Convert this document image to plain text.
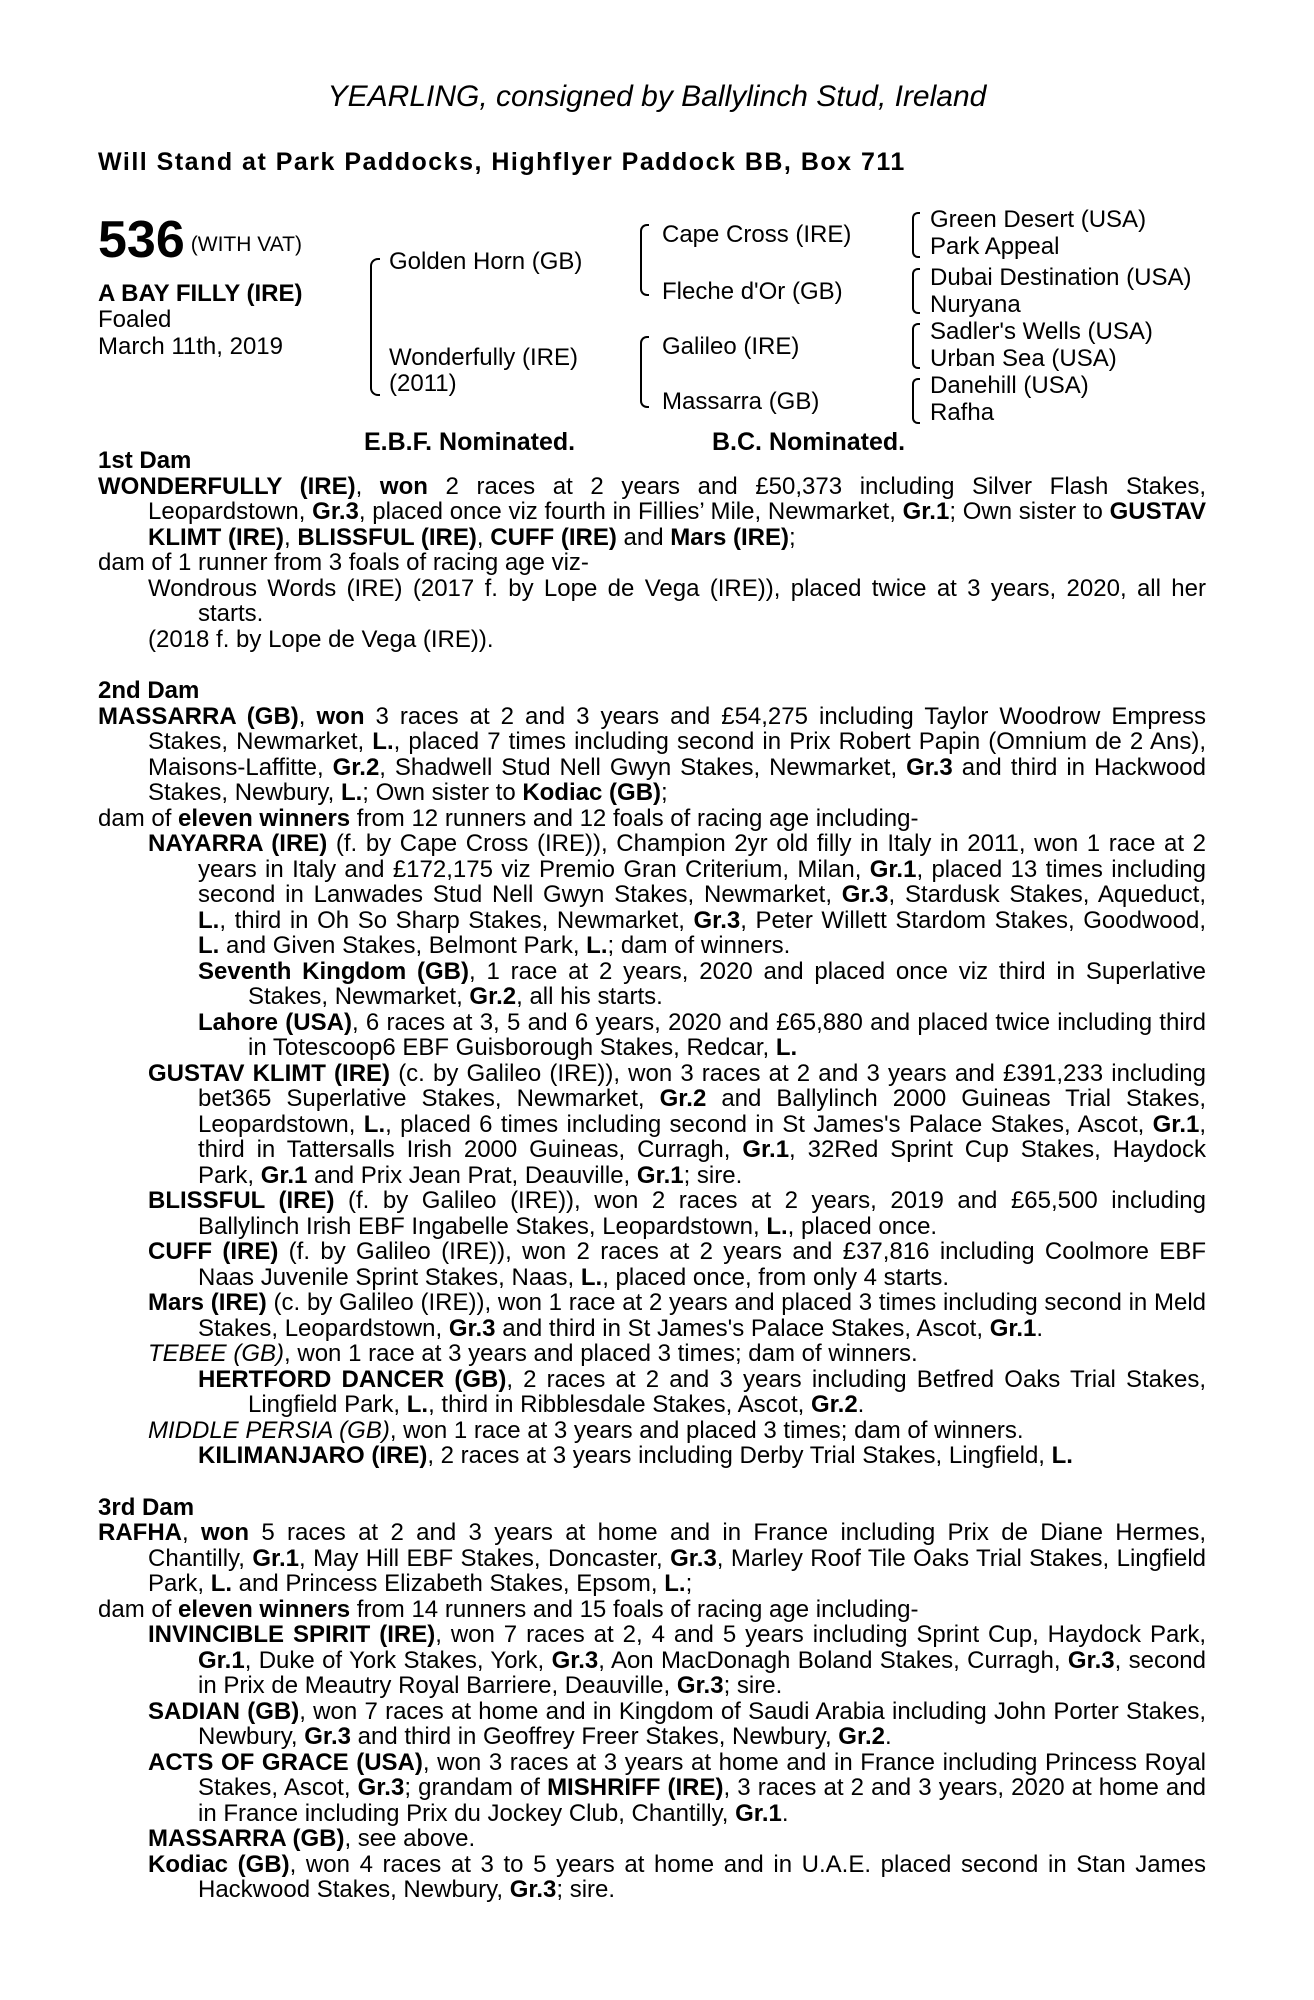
YEARLING, consigned by Ballylinch Stud, Ireland
Will Stand at Park Paddocks, Highflyer Paddock BB, Box 711
536 (WITH VAT)
A BAY FILLY (IRE)
Foaled
March 11th, 2019
Golden Horn (GB)
Wonderfully (IRE)
(2011)
Cape Cross (IRE)
Fleche d'Or (GB)
Galileo (IRE)
Massarra (GB)
Green Desert (USA)
Park Appeal
Dubai Destination (USA)
Nuryana
Sadler's Wells (USA)
Urban Sea (USA)
Danehill (USA)
Rafha
E.B.F. Nominated.	B.C. Nominated.

1st Dam

WONDERFULLY (IRE), won 2 races at 2 years and £50,373 including Silver Flash Stakes, Leopardstown, Gr.3, placed once viz fourth in Fillies’ Mile, Newmarket, Gr.1; Own sister to GUSTAV KLIMT (IRE), BLISSFUL (IRE), CUFF (IRE) and Mars (IRE);

dam of 1 runner from 3 foals of racing age viz-

Wondrous Words (IRE) (2017 f. by Lope de Vega (IRE)), placed twice at 3 years, 2020, all her starts.

(2018 f. by Lope de Vega (IRE)).

2nd Dam

MASSARRA (GB), won 3 races at 2 and 3 years and £54,275 including Taylor Woodrow Empress Stakes, Newmarket, L., placed 7 times including second in Prix Robert Papin (Omnium de 2 Ans), Maisons-Laffitte, Gr.2, Shadwell Stud Nell Gwyn Stakes, Newmarket, Gr.3 and third in Hackwood Stakes, Newbury, L.; Own sister to Kodiac (GB);

dam of eleven winners from 12 runners and 12 foals of racing age including-

NAYARRA (IRE) (f. by Cape Cross (IRE)), Champion 2yr old filly in Italy in 2011, won 1 race at 2 years in Italy and £172,175 viz Premio Gran Criterium, Milan, Gr.1, placed 13 times including second in Lanwades Stud Nell Gwyn Stakes, Newmarket, Gr.3, Stardusk Stakes, Aqueduct, L., third in Oh So Sharp Stakes, Newmarket, Gr.3, Peter Willett Stardom Stakes, Goodwood, L. and Given Stakes, Belmont Park, L.; dam of winners.

Seventh Kingdom (GB), 1 race at 2 years, 2020 and placed once viz third in Superlative Stakes, Newmarket, Gr.2, all his starts.

Lahore (USA), 6 races at 3, 5 and 6 years, 2020 and £65,880 and placed twice including third in Totescoop6 EBF Guisborough Stakes, Redcar, L.

GUSTAV KLIMT (IRE) (c. by Galileo (IRE)), won 3 races at 2 and 3 years and £391,233 including bet365 Superlative Stakes, Newmarket, Gr.2 and Ballylinch 2000 Guineas Trial Stakes, Leopardstown, L., placed 6 times including second in St James's Palace Stakes, Ascot, Gr.1, third in Tattersalls Irish 2000 Guineas, Curragh, Gr.1, 32Red Sprint Cup Stakes, Haydock Park, Gr.1 and Prix Jean Prat, Deauville, Gr.1; sire.

BLISSFUL (IRE) (f. by Galileo (IRE)), won 2 races at 2 years, 2019 and £65,500 including Ballylinch Irish EBF Ingabelle Stakes, Leopardstown, L., placed once.

CUFF (IRE) (f. by Galileo (IRE)), won 2 races at 2 years and £37,816 including Coolmore EBF Naas Juvenile Sprint Stakes, Naas, L., placed once, from only 4 starts.

Mars (IRE) (c. by Galileo (IRE)), won 1 race at 2 years and placed 3 times including second in Meld Stakes, Leopardstown, Gr.3 and third in St James's Palace Stakes, Ascot, Gr.1.

TEBEE (GB), won 1 race at 3 years and placed 3 times; dam of winners.

HERTFORD DANCER (GB), 2 races at 2 and 3 years including Betfred Oaks Trial Stakes, Lingfield Park, L., third in Ribblesdale Stakes, Ascot, Gr.2.

MIDDLE PERSIA (GB), won 1 race at 3 years and placed 3 times; dam of winners.

KILIMANJARO (IRE), 2 races at 3 years including Derby Trial Stakes, Lingfield, L.

3rd Dam

RAFHA, won 5 races at 2 and 3 years at home and in France including Prix de Diane Hermes, Chantilly, Gr.1, May Hill EBF Stakes, Doncaster, Gr.3, Marley Roof Tile Oaks Trial Stakes, Lingfield Park, L. and Princess Elizabeth Stakes, Epsom, L.;

dam of eleven winners from 14 runners and 15 foals of racing age including-

INVINCIBLE SPIRIT (IRE), won 7 races at 2, 4 and 5 years including Sprint Cup, Haydock Park, Gr.1, Duke of York Stakes, York, Gr.3, Aon MacDonagh Boland Stakes, Curragh, Gr.3, second in Prix de Meautry Royal Barriere, Deauville, Gr.3; sire.

SADIAN (GB), won 7 races at home and in Kingdom of Saudi Arabia including John Porter Stakes, Newbury, Gr.3 and third in Geoffrey Freer Stakes, Newbury, Gr.2.

ACTS OF GRACE (USA), won 3 races at 3 years at home and in France including Princess Royal Stakes, Ascot, Gr.3; grandam of MISHRIFF (IRE), 3 races at 2 and 3 years, 2020 at home and in France including Prix du Jockey Club, Chantilly, Gr.1.

MASSARRA (GB), see above.

Kodiac (GB), won 4 races at 3 to 5 years at home and in U.A.E. placed second in Stan James Hackwood Stakes, Newbury, Gr.3; sire.
